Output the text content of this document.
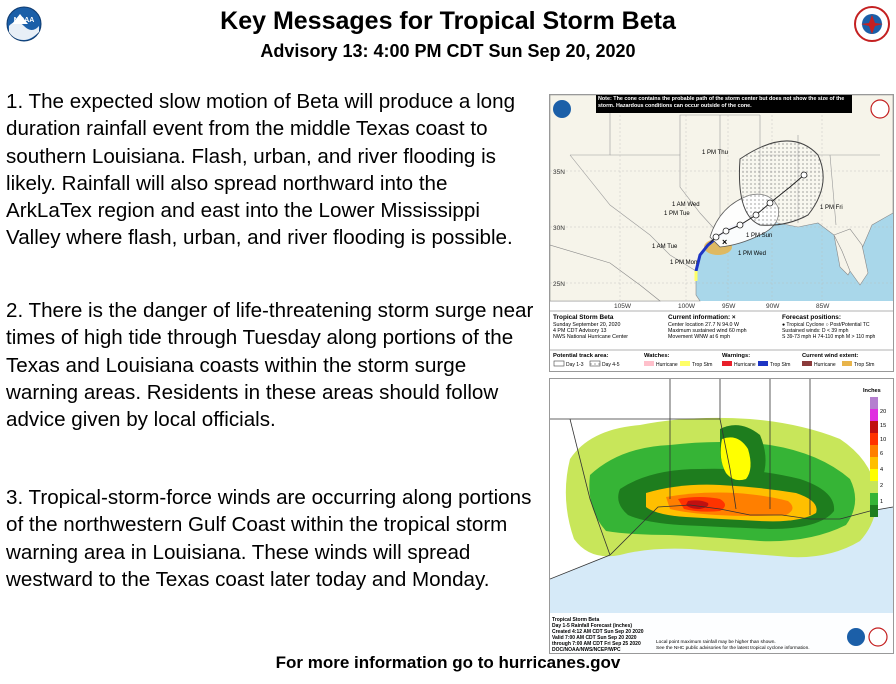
NOAA	Key Messages for Tropical Storm Beta
Advisory 13: 4:00 PM CDT Sun Sep 20, 2020

1. The expected slow motion of Beta will produce a long duration rainfall event from the middle Texas coast to southern Louisiana. Flash, urban, and river flooding is likely. Rainfall will also spread northward into the ArkLaTex region and east into the Lower Mississippi Valley where flash, urban, and river flooding is possible.

2. There is the danger of life-threatening storm surge near times of high tide through Tuesday along portions of the Texas and Louisiana coasts within the storm surge warning areas. Residents in these areas should follow advice given by local officials.

3. Tropical-storm-force winds are occurring along portions of the northwestern Gulf Coast within the tropical storm warning area in Louisiana. These winds will spread westward to the Texas coast later today and Monday.

×
35N
30N
25N
105W	100W	95W	90W	85W
1 PM Thu
1 AM Wed
1 PM Tue
1 AM Tue
1 PM Mon
1 PM Wed
1 PM Fri
1 PM Sun
Note: The cone contains the probable path of the storm center but does not show the size of the storm. Hazardous conditions can occur outside of the cone.
Tropical Storm Beta
Sunday September 20, 2020
4 PM CDT Advisory 13
NWS National Hurricane Center
Current information: ×
Center location 27.7 N 94.0 W
Maximum sustained wind 60 mph
Movement WNW at 6 mph
Forecast positions:
● Tropical Cyclone ○ Post/Potential TC
Sustained winds: D < 39 mph
S 39-73 mph H 74-110 mph M > 110 mph
Potential track area:
Day 1-3	Day 4-5
Watches:
Hurricane	Trop Stm
Warnings:
Hurricane	Trop Stm
Current wind extent:
Hurricane	Trop Stm
Inches
20
15
10
6
4
2
1
Tropical Storm Beta
Day 1-5 Rainfall Forecast (inches)
Created 4:12 AM CDT Sun Sep 20 2020
Valid 7:00 AM CDT Sun Sep 20 2020
through 7:00 AM CDT Fri Sep 25 2020
DOC/NOAA/NWS/NCEP/WPC
Local point maximum rainfall may be higher than shown.
See the NHC public advisories for the latest tropical cyclone information.
For more information go to hurricanes.gov
